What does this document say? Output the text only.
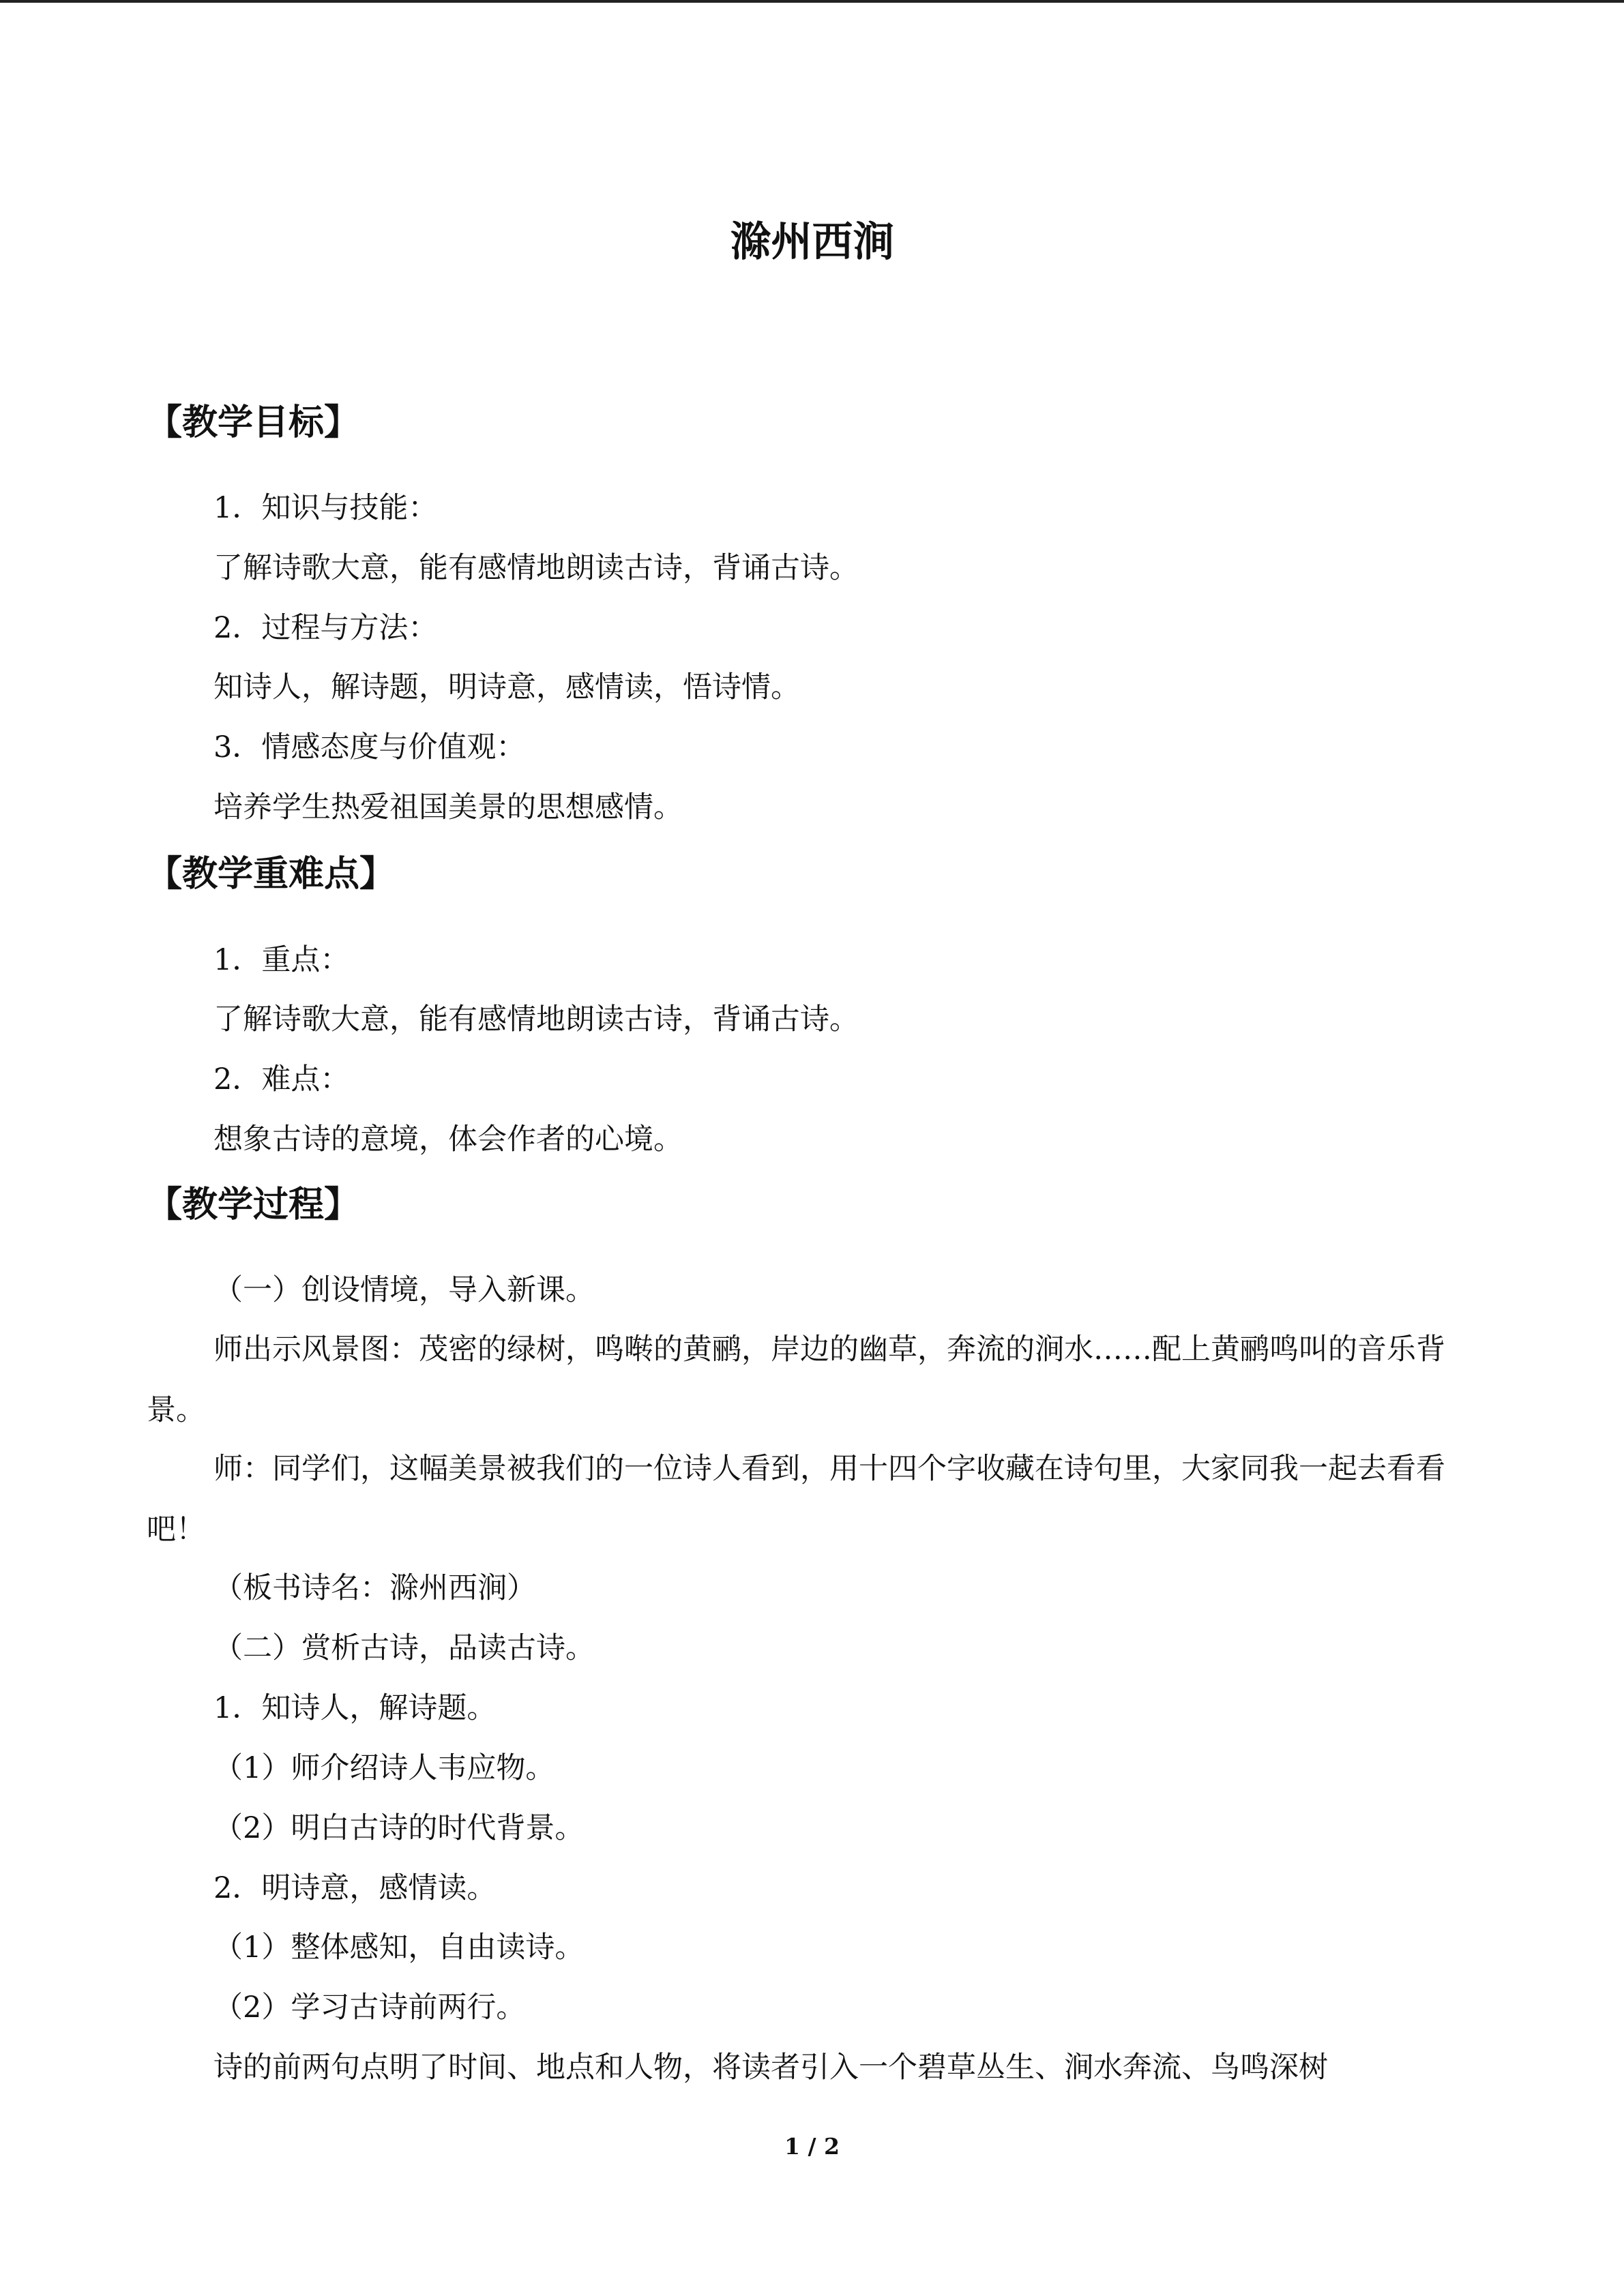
滁州西涧
【教学目标】
1．知识与技能：
了解诗歌大意，能有感情地朗读古诗，背诵古诗。
2．过程与方法：
知诗人，解诗题，明诗意，感情读，悟诗情。
3．情感态度与价值观：
培养学生热爱祖国美景的思想感情。
【教学重难点】
1．重点：
了解诗歌大意，能有感情地朗读古诗，背诵古诗。
2．难点：
想象古诗的意境，体会作者的心境。
【教学过程】
（一）创设情境，导入新课。
师出示风景图：茂密的绿树，鸣啭的黄鹂，岸边的幽草，奔流的涧水……配上黄鹂鸣叫的音乐背景。
师：同学们，这幅美景被我们的一位诗人看到，用十四个字收藏在诗句里，大家同我一起去看看吧！
（板书诗名：滁州西涧）
（二）赏析古诗，品读古诗。
1．知诗人，解诗题。
（1）师介绍诗人韦应物。
（2）明白古诗的时代背景。
2．明诗意，感情读。
（1）整体感知，自由读诗。
（2）学习古诗前两行。
诗的前两句点明了时间、地点和人物，将读者引入一个碧草丛生、涧水奔流、鸟鸣深树
1 / 2
